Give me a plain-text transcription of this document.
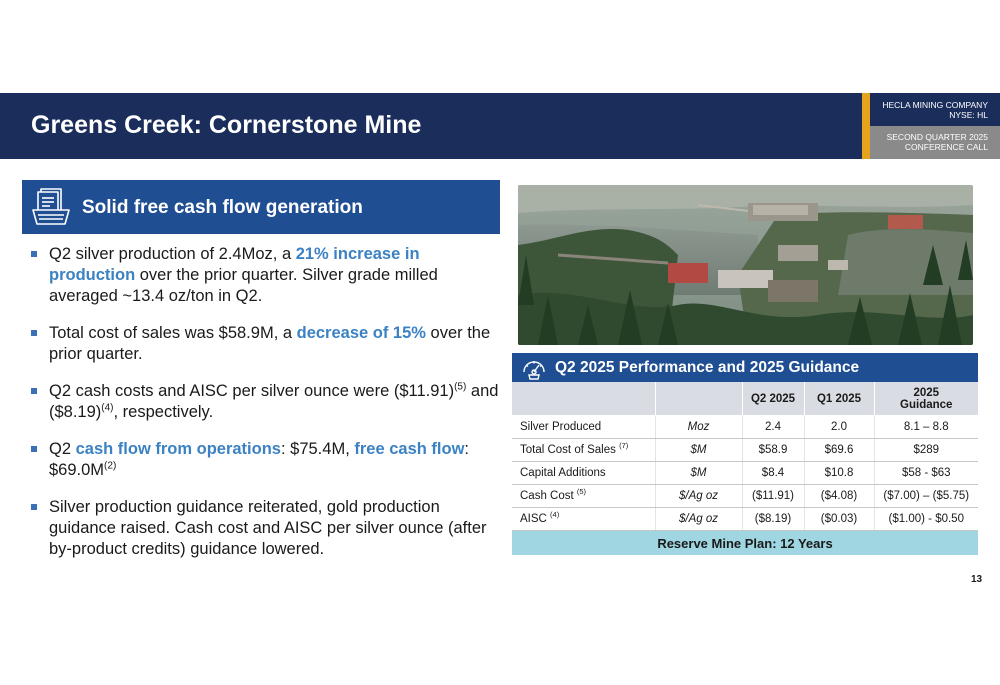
Greens Creek: Cornerstone Mine
HECLA MINING COMPANY
NYSE: HL
SECOND QUARTER 2025
CONFERENCE CALL
Solid free cash flow generation
Q2 silver production of 2.4Moz, a 21% increase in production over the prior quarter. Silver grade milled averaged ~13.4 oz/ton in Q2.
Total cost of sales was $58.9M, a decrease of 15% over the prior quarter.
Q2 cash costs and AISC per silver ounce were ($11.91)$^{(5)}$ and ($8.19)$^{(4)}$, respectively.
Q2 cash flow from operations: $75.4M, free cash flow: $\$69.0M^{(2)}$
Silver production guidance reiterated, gold production guidance raised. Cash cost and AISC per silver ounce (after by-product credits) guidance lowered.
Q2 2025 Performance and 2025 Guidance
		Q2 2025	Q1 2025	2025
Guidance
Silver Produced	Moz	2.4	2.0	8.1 – 8.8
Total Cost of Sales $^{(7)}$	$M	$58.9	$69.6	$289
Capital Additions	$M	$8.4	$10.8	$58 - $63
Cash Cost $^{(5)}$	$/Ag oz	($11.91)	($4.08)	($7.00) – ($5.75)
AISC $^{(4)}$	$/Ag oz	($8.19)	($0.03)	($1.00) - $0.50
Reserve Mine Plan: 12 Years				
13
